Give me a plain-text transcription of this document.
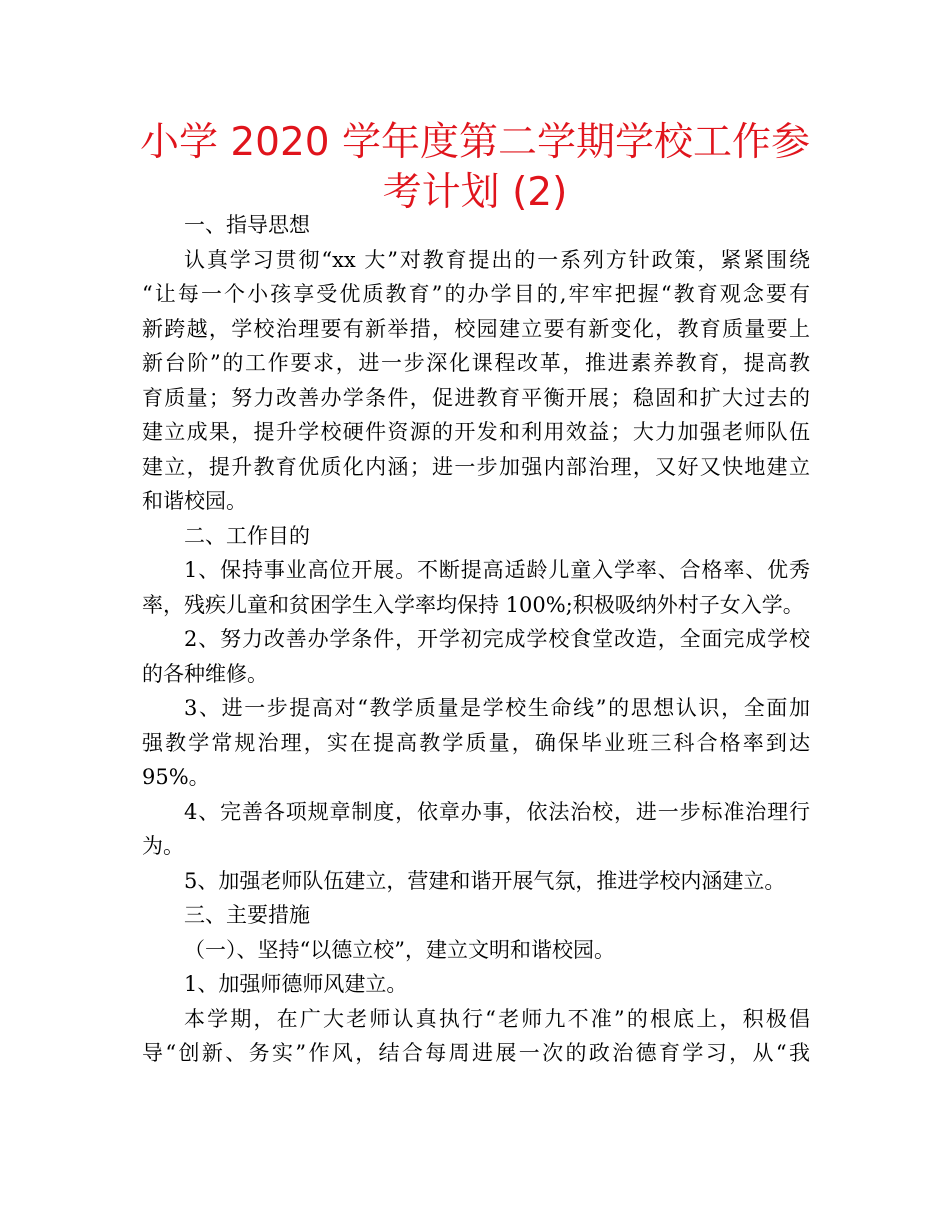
小学 2020 学年度第二学期学校工作参考计划 (2)
一、指导思想
认真学习贯彻“xx 大”对教育提出的一系列方针政策，紧紧围绕
“让每一个小孩享受优质教育”的办学目的,牢牢把握“教育观念要有
新跨越，学校治理要有新举措，校园建立要有新变化，教育质量要上
新台阶”的工作要求，进一步深化课程改革，推进素养教育，提高教
育质量；努力改善办学条件，促进教育平衡开展；稳固和扩大过去的
建立成果，提升学校硬件资源的开发和利用效益；大力加强老师队伍
建立，提升教育优质化内涵；进一步加强内部治理，又好又快地建立
和谐校园。
二、工作目的
1、保持事业高位开展。不断提高适龄儿童入学率、合格率、优秀
率，残疾儿童和贫困学生入学率均保持 100%;积极吸纳外村子女入学。
2、努力改善办学条件，开学初完成学校食堂改造，全面完成学校
的各种维修。
3、进一步提高对“教学质量是学校生命线”的思想认识，全面加
强教学常规治理，实在提高教学质量，确保毕业班三科合格率到达
95%。
4、完善各项规章制度，依章办事，依法治校，进一步标准治理行
为。
5、加强老师队伍建立，营建和谐开展气氛，推进学校内涵建立。
三、主要措施
（一）、坚持“以德立校”，建立文明和谐校园。
1、加强师德师风建立。
本学期，在广大老师认真执行“老师九不准”的根底上，积极倡
导“创新、务实”作风，结合每周进展一次的政治德育学习，从“我
